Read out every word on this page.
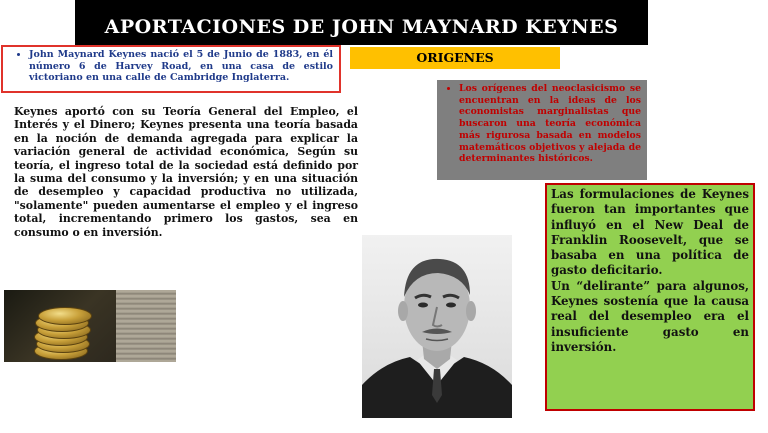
APORTACIONES DE JOHN MAYNARD KEYNES
• John Maynard Keynes nació el 5 de Junio de 1883, en él número 6 de Harvey Road, en una casa de estilo victoriano en una calle de Cambridge Inglaterra.
ORIGENES
• Los orígenes del neoclasicismo se encuentran en la ideas de los economistas marginalistas que buscaron una teoría económica más rigurosa basada en modelos matemáticos objetivos y alejada de determinantes históricos.
Keynes aportó con su Teoría General del Empleo, el Interés y el Dinero; Keynes presenta una teoría basada en la noción de demanda agregada para explicar la variación general de actividad económica, Según su teoría, el ingreso total de la sociedad está definido por la suma del consumo y la inversión; y en una situación de desempleo y capacidad productiva no utilizada, "solamente" pueden aumentarse el empleo y el ingreso total, incrementando primero los gastos, sea en consumo o en inversión.

Las formulaciones de Keynes fueron tan importantes que influyó en el New Deal de Franklin Roosevelt, que se basaba en una política de gasto deficitario.

Un “delirante” para algunos, Keynes sostenía que la causa real del desempleo era el insuficiente gasto en inversión.
